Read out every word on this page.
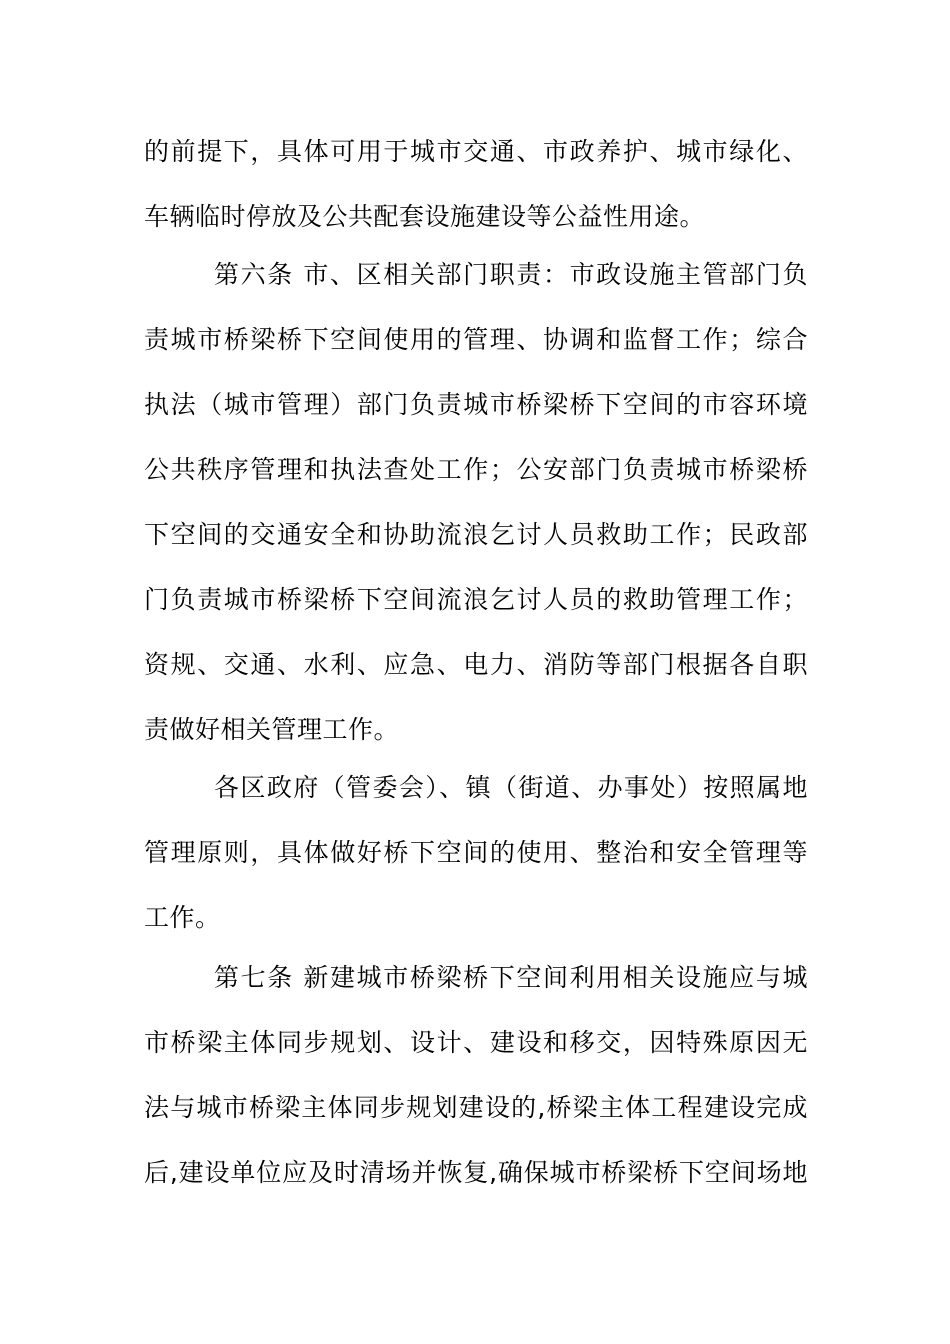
的前提下，具体可用于城市交通、市政养护、城市绿化、
车辆临时停放及公共配套设施建设等公益性用途。
第六条 市、区相关部门职责：市政设施主管部门负
责城市桥梁桥下空间使用的管理、协调和监督工作；综合
执法（城市管理）部门负责城市桥梁桥下空间的市容环境
公共秩序管理和执法查处工作；公安部门负责城市桥梁桥
下空间的交通安全和协助流浪乞讨人员救助工作；民政部
门负责城市桥梁桥下空间流浪乞讨人员的救助管理工作；
资规、交通、水利、应急、电力、消防等部门根据各自职
责做好相关管理工作。
各区政府（管委会）、镇（街道、办事处）按照属地
管理原则，具体做好桥下空间的使用、整治和安全管理等
工作。
第七条 新建城市桥梁桥下空间利用相关设施应与城
市桥梁主体同步规划、设计、建设和移交，因特殊原因无
法与城市桥梁主体同步规划建设的,桥梁主体工程建设完成
后,建设单位应及时清场并恢复,确保城市桥梁桥下空间场地
